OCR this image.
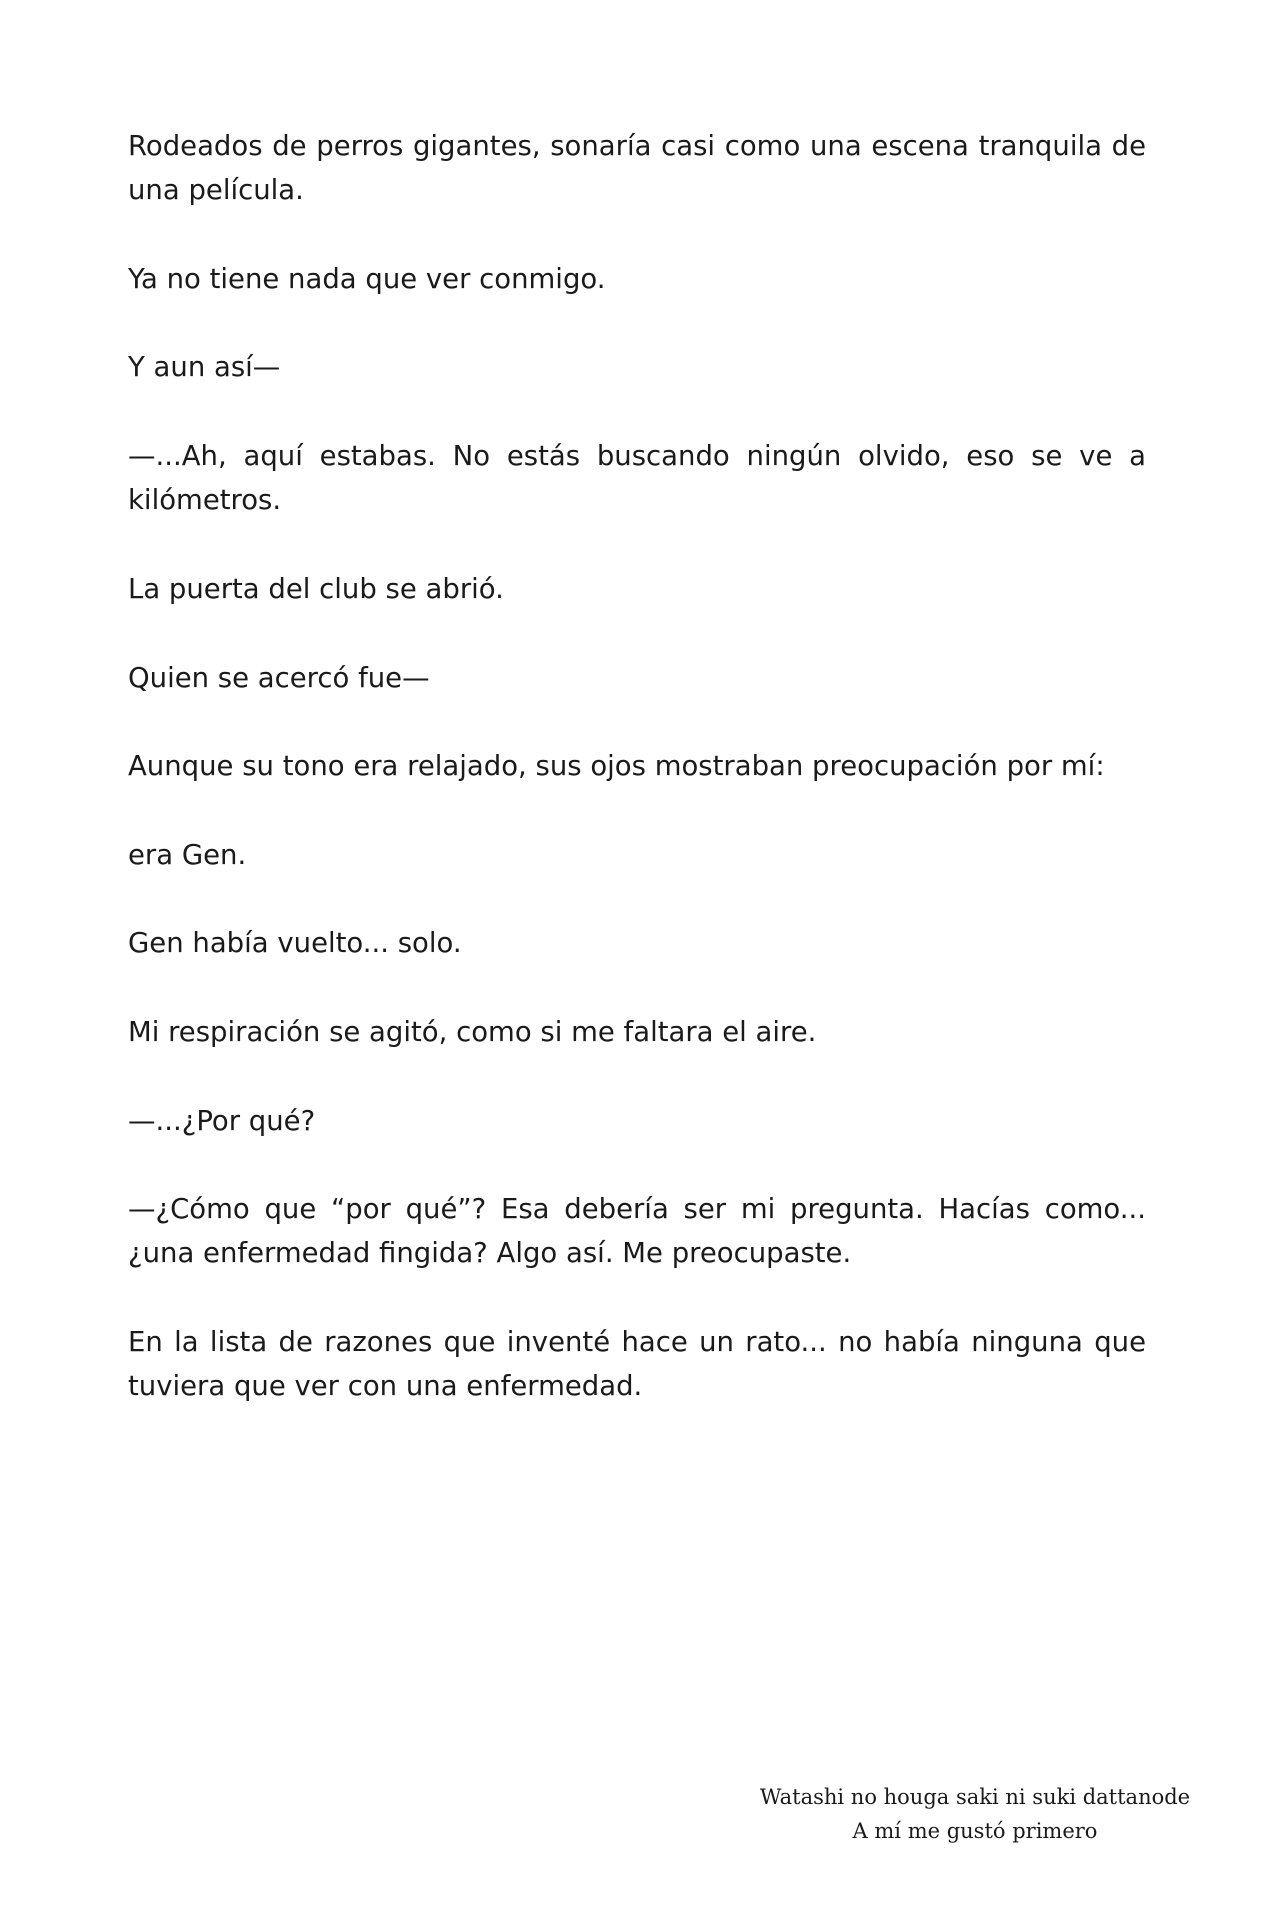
Rodeados de perros gigantes, sonaría casi como una escena tranquila de una película.

Ya no tiene nada que ver conmigo.

Y aun así—

—...Ah, aquí estabas. No estás buscando ningún olvido, eso se ve a kilómetros.

La puerta del club se abrió.

Quien se acercó fue—

Aunque su tono era relajado, sus ojos mostraban preocupación por mí:

era Gen.

Gen había vuelto... solo.

Mi respiración se agitó, como si me faltara el aire.

—...¿Por qué?

—¿Cómo que “por qué”? Esa debería ser mi pregunta. Hacías como... ¿una enfermedad fingida? Algo así. Me preocupaste.

En la lista de razones que inventé hace un rato... no había ninguna que tuviera que ver con una enfermedad.

Watashi no houga saki ni suki dattanode
A mí me gustó primero
